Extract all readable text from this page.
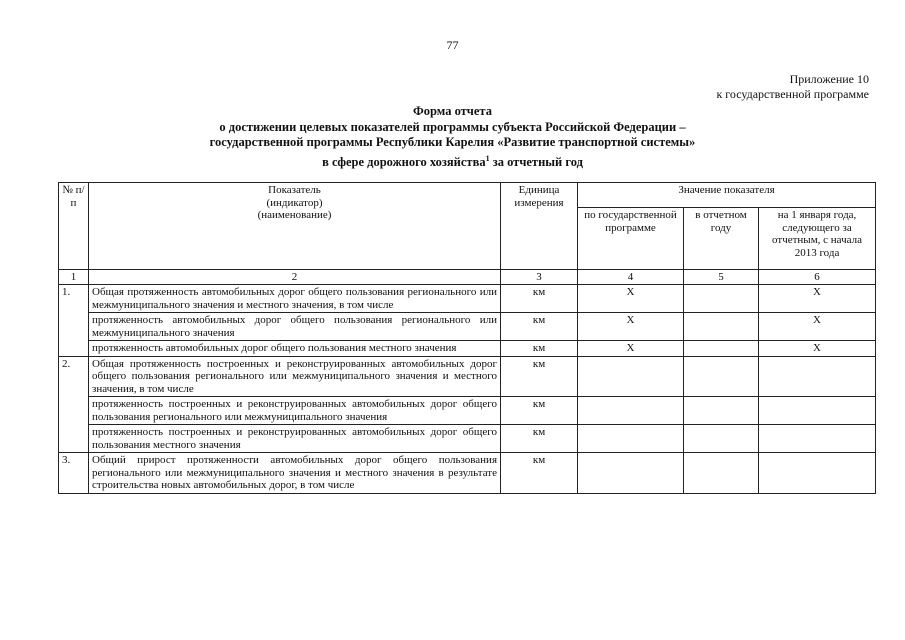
77
Приложение 10
к государственной программе
Форма отчета
о достижении целевых показателей программы субъекта Российской Федерации –
государственной программы Республики Карелия «Развитие транспортной системы»
в сфере дорожного хозяйства$^1$ за отчетный год
№ п/п	Показатель (индикатор) (наименование)	Единица измерения	Значение показателя		
			по государственной программе	в отчетном году	на 1 января года, следующего за отчетным, с начала 2013 года
1	2	3	4	5	6
1.	Общая протяженность автомобильных дорог общего пользования регионального или межмуниципального значения и местного значения, в том числе	км	Х		Х
	протяженность автомобильных дорог общего пользования регионального или межмуниципального значения	км	Х		Х
	протяженность автомобильных дорог общего пользования местного значения	км	Х		Х
2.	Общая протяженность построенных и реконструированных автомобильных дорог общего пользования регионального или межмуниципального значения и местного значения, в том числе	км			
	протяженность построенных и реконструированных автомобильных дорог общего пользования регионального или межмуниципального значения	км			
	протяженность построенных и реконструированных автомобильных дорог общего пользования местного значения	км			
3.	Общий прирост протяженности автомобильных дорог общего пользования регионального или межмуниципального значения и местного значения в результате строительства новых автомобильных дорог, в том числе	км			
